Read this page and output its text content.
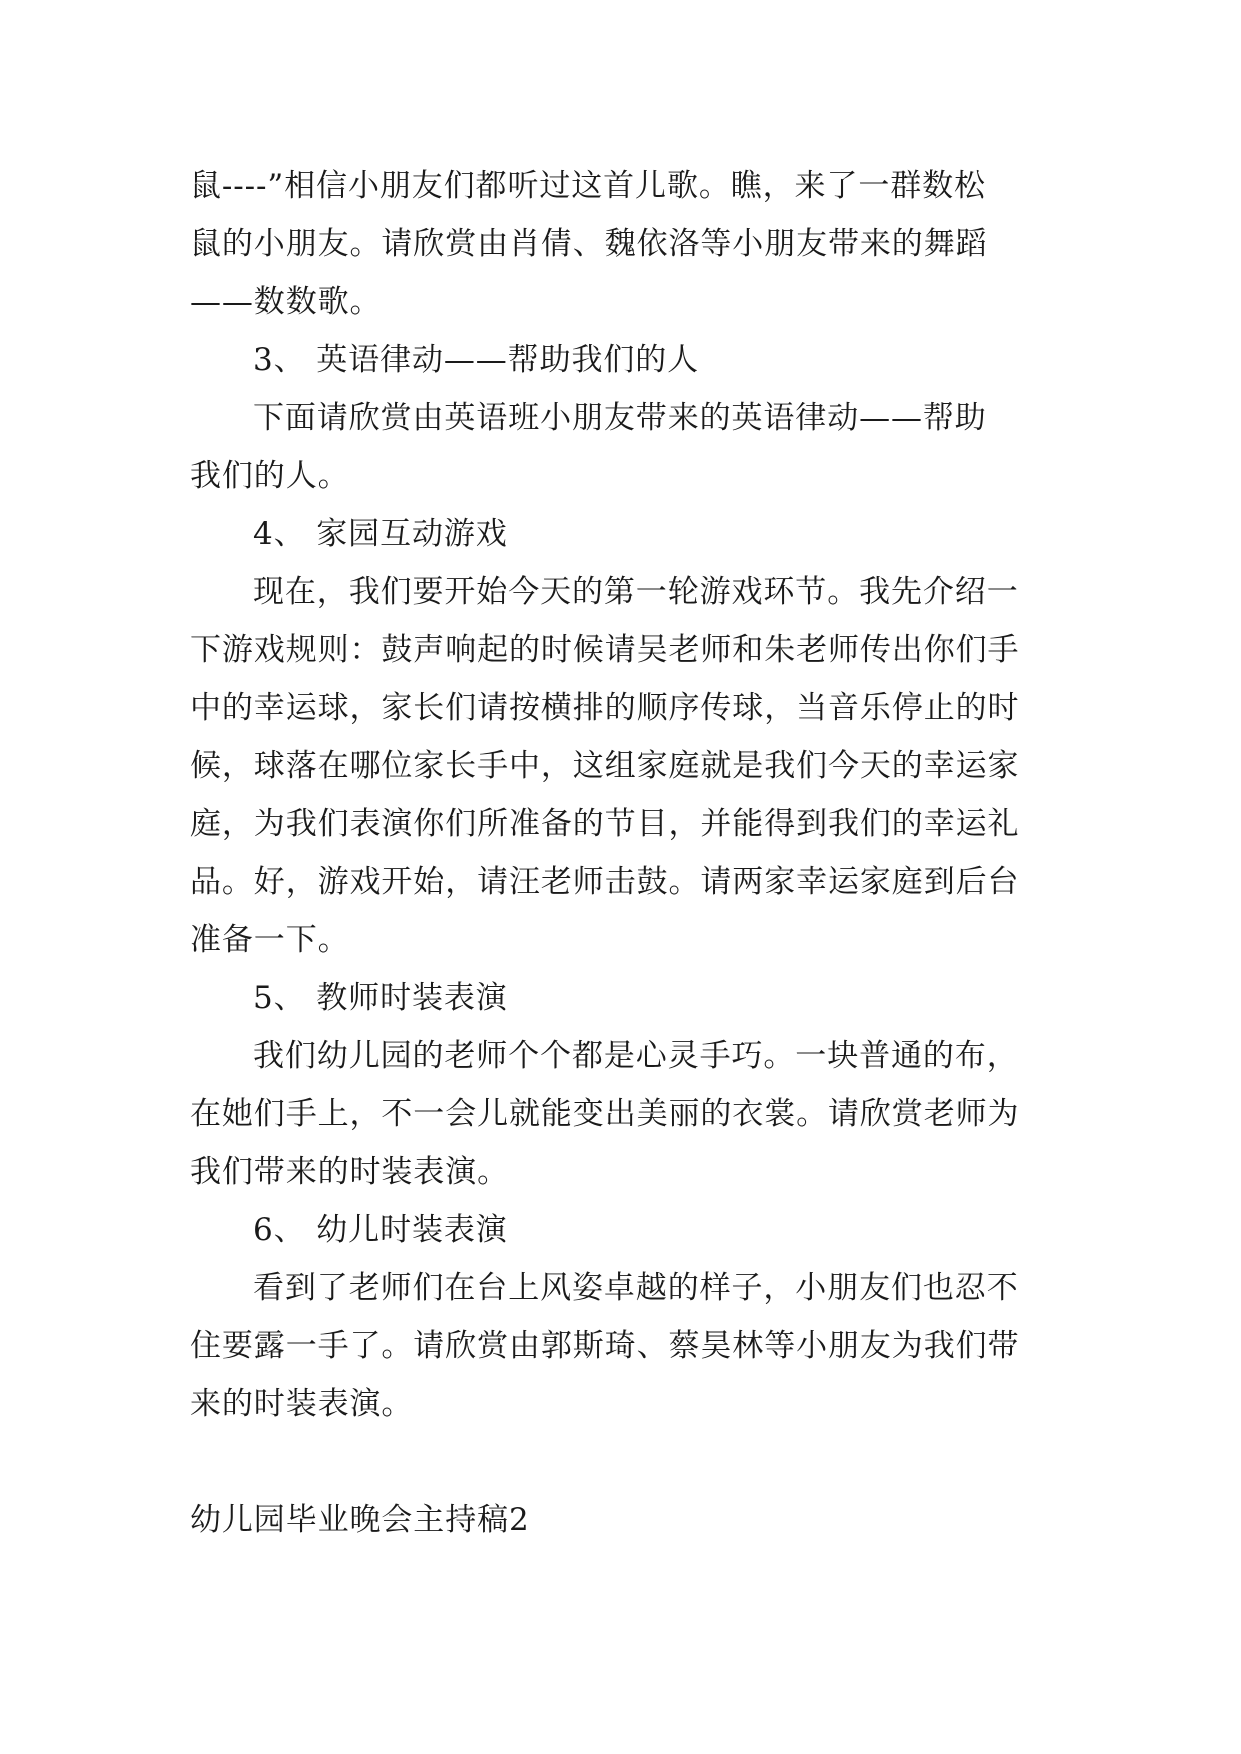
鼠----”相信小朋友们都听过这首儿歌。瞧，来了一群数松
鼠的小朋友。请欣赏由肖倩、魏依洛等小朋友带来的舞蹈
——数数歌。
3、 英语律动——帮助我们的人
下面请欣赏由英语班小朋友带来的英语律动——帮助
我们的人。
4、 家园互动游戏
现在，我们要开始今天的第一轮游戏环节。我先介绍一
下游戏规则：鼓声响起的时候请吴老师和朱老师传出你们手
中的幸运球，家长们请按横排的顺序传球，当音乐停止的时
候，球落在哪位家长手中，这组家庭就是我们今天的幸运家
庭，为我们表演你们所准备的节目，并能得到我们的幸运礼
品。好，游戏开始，请汪老师击鼓。请两家幸运家庭到后台
准备一下。
5、 教师时装表演
我们幼儿园的老师个个都是心灵手巧。一块普通的布，
在她们手上，不一会儿就能变出美丽的衣裳。请欣赏老师为
我们带来的时装表演。
6、 幼儿时装表演
看到了老师们在台上风姿卓越的样子，小朋友们也忍不
住要露一手了。请欣赏由郭斯琦、蔡昊林等小朋友为我们带
来的时装表演。
幼儿园毕业晚会主持稿2
